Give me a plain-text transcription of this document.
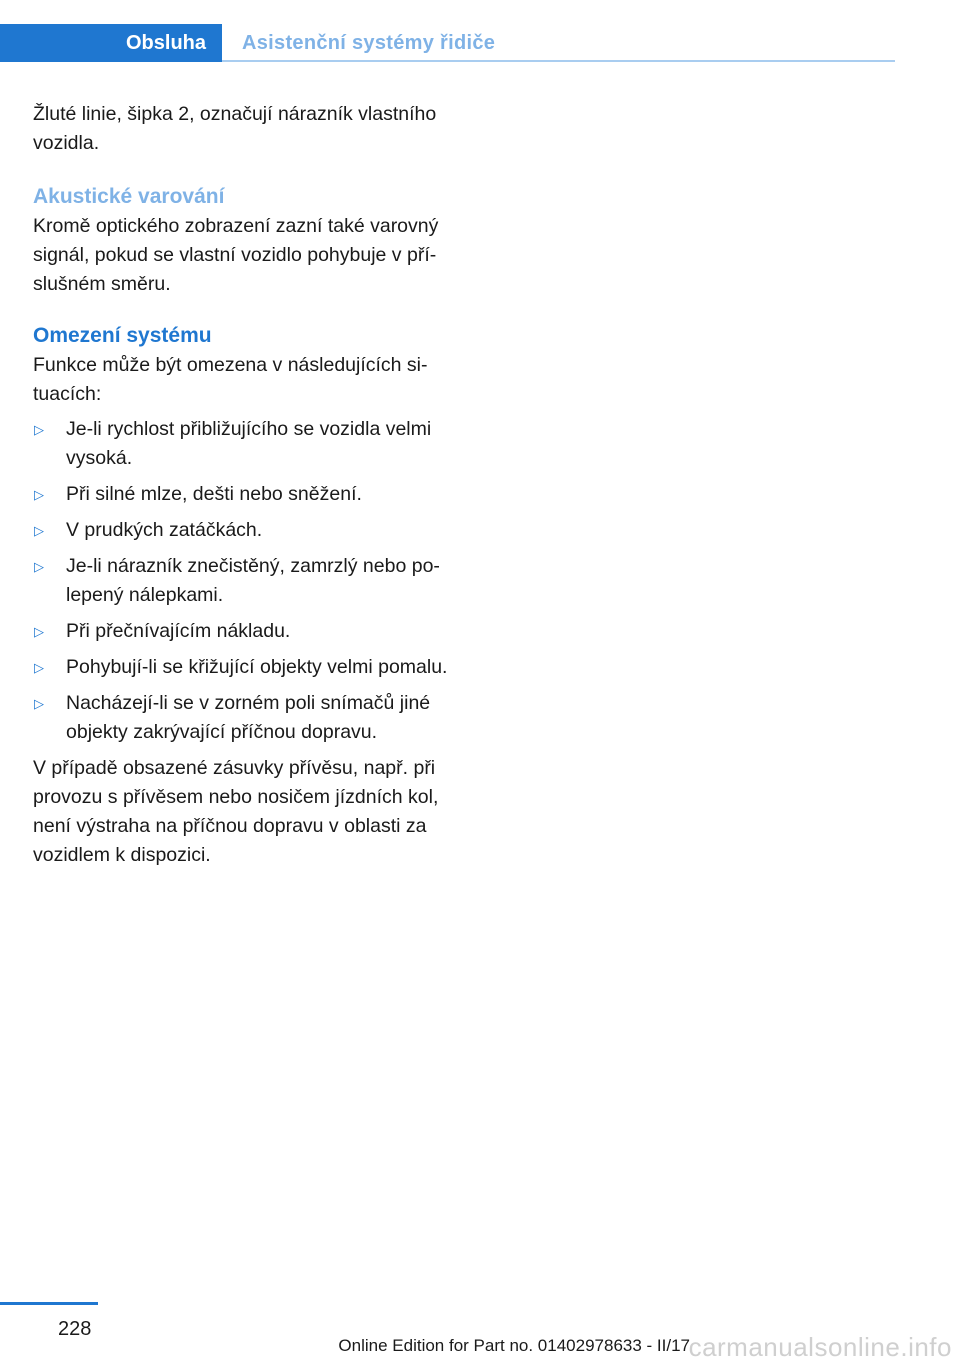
Obsluha	Asistenční systémy řidiče

Žluté linie, šipka 2, označují nárazník vlastního vozidla.

Akustické varování

Kromě optického zobrazení zazní také varovný signál, pokud se vlastní vozidlo pohybuje v příslušném směru.

Omezení systému

Funkce může být omezena v následujících situacích:

▷	Je-li rychlost přibližujícího se vozidla velmi vysoká.
▷	Při silné mlze, dešti nebo sněžení.
▷	V prudkých zatáčkách.
▷	Je-li nárazník znečistěný, zamrzlý nebo polepený nálepkami.
▷	Při přečnívajícím nákladu.
▷	Pohybují-li se křižující objekty velmi pomalu.
▷	Nacházejí-li se v zorném poli snímačů jiné objekty zakrývající příčnou dopravu.

V případě obsazené zásuvky přívěsu, např. při provozu s přívěsem nebo nosičem jízdních kol, není výstraha na příčnou dopravu v oblasti za vozidlem k dispozici.

228
carmanualsonline.info
Online Edition for Part no. 01402978633 - II/17
